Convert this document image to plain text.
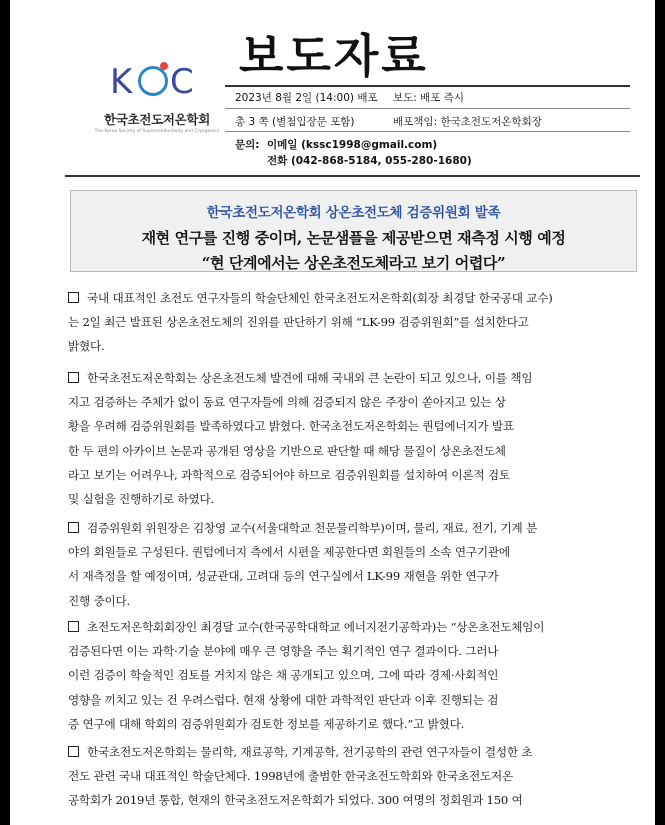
K C
한국초전도저온학회
The Korea Society of Superconductivity and Cryogenics
보도자료
2023년 8월 2일 (14:00) 배포 보도: 배포 즉시
총 3 쪽 (별첨입장문 포함)	배포책임: 한국초전도저온학회장
문의: 이메일 (kssc1998@gmail.com)
전화 (042-868-5184, 055-280-1680)
한국초전도저온학회 상온초전도체 검증위원회 발족
재현 연구를 진행 중이며, 논문샘플을 제공받으면 재측정 시행 예정
“현 단계에서는 상온초전도체라고 보기 어렵다”
국내 대표적인 초전도 연구자들의 학술단체인 한국초전도저온학회(회장 최경달 한국공대 교수)
는 2일 최근 발표된 상온초전도체의 진위를 판단하기 위해 “LK-99 검증위원회”를 설치한다고
밝혔다.
한국초전도저온학회는 상온초전도체 발견에 대해 국내외 큰 논란이 되고 있으나, 이를 책임
지고 검증하는 주체가 없이 동료 연구자들에 의해 검증되지 않은 주장이 쏟아지고 있는 상
황을 우려해 검증위원회를 발족하였다고 밝혔다. 한국초전도저온학회는 퀀텀에너지가 발표
한 두 편의 아카이브 논문과 공개된 영상을 기반으로 판단할 때 해당 물질이 상온초전도체
라고 보기는 어려우나, 과학적으로 검증되어야 하므로 검증위원회를 설치하여 이론적 검토
및 실험을 진행하기로 하였다.
검증위원회 위원장은 김창영 교수(서울대학교 천문물리학부)이며, 물리, 재료, 전기, 기계 분
야의 회원들로 구성된다. 퀀텀에너지 측에서 시편을 제공한다면 회원들의 소속 연구기관에
서 재측정을 할 예정이며, 성균관대, 고려대 등의 연구실에서 LK-99 재현을 위한 연구가
진행 중이다.
초전도저온학회회장인 최경달 교수(한국공학대학교 에너지전기공학과)는 “상온초전도체임이
검증된다면 이는 과학·기술 분야에 매우 큰 영향을 주는 획기적인 연구 결과이다. 그러나
이런 검증이 학술적인 검토를 거치지 않은 채 공개되고 있으며, 그에 따라 경제·사회적인
영향을 끼치고 있는 건 우려스럽다. 현재 상황에 대한 과학적인 판단과 이후 진행되는 검
증 연구에 대해 학회의 검증위원회가 검토한 정보를 제공하기로 했다.”고 밝혔다.
한국초전도저온학회는 물리학, 재료공학, 기계공학, 전기공학의 관련 연구자들이 결성한 초
전도 관련 국내 대표적인 학술단체다. 1998년에 출범한 한국초전도학회와 한국초전도저온
공학회가 2019년 통합, 현재의 한국초전도저온학회가 되었다. 300 여명의 정회원과 150 여
